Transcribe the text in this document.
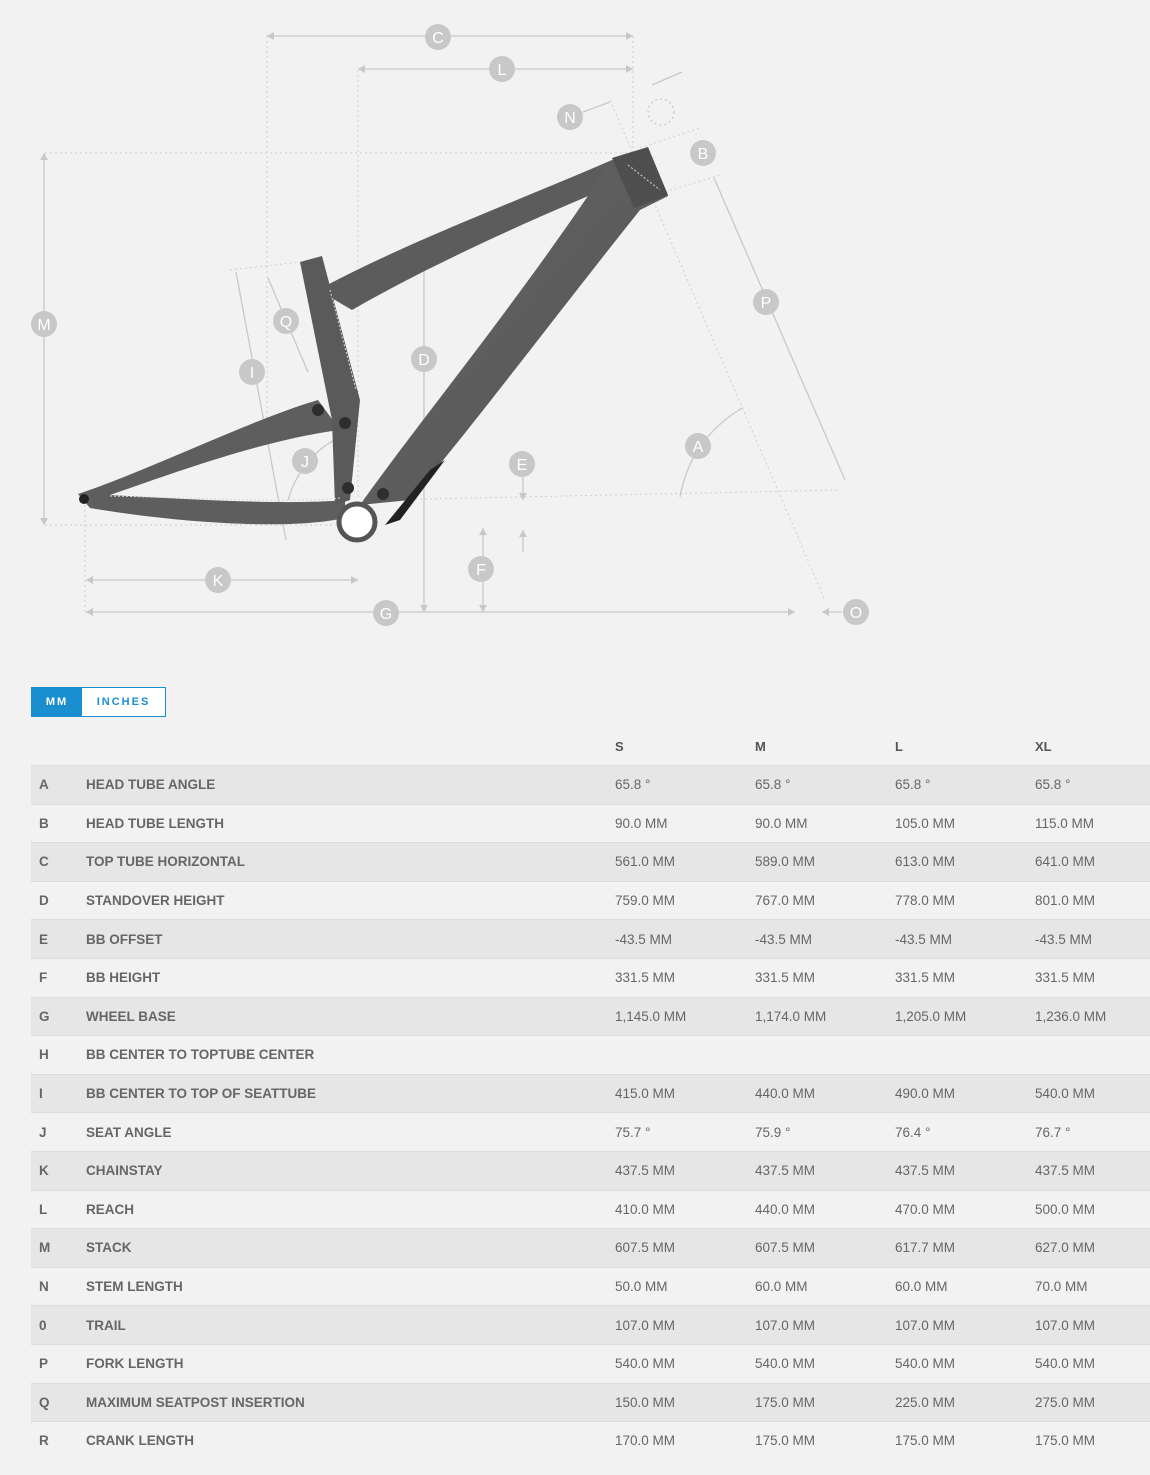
A
B
C
D
E
F
G
I
J
K
L
M
N
O
P
Q
MM	INCHES
		S	M	L	XL
A	HEAD TUBE ANGLE	65.8 °	65.8 °	65.8 °	65.8 °
B	HEAD TUBE LENGTH	90.0 MM	90.0 MM	105.0 MM	115.0 MM
C	TOP TUBE HORIZONTAL	561.0 MM	589.0 MM	613.0 MM	641.0 MM
D	STANDOVER HEIGHT	759.0 MM	767.0 MM	778.0 MM	801.0 MM
E	BB OFFSET	-43.5 MM	-43.5 MM	-43.5 MM	-43.5 MM
F	BB HEIGHT	331.5 MM	331.5 MM	331.5 MM	331.5 MM
G	WHEEL BASE	1,145.0 MM	1,174.0 MM	1,205.0 MM	1,236.0 MM
H	BB CENTER TO TOPTUBE CENTER				
I	BB CENTER TO TOP OF SEATTUBE	415.0 MM	440.0 MM	490.0 MM	540.0 MM
J	SEAT ANGLE	75.7 °	75.9 °	76.4 °	76.7 °
K	CHAINSTAY	437.5 MM	437.5 MM	437.5 MM	437.5 MM
L	REACH	410.0 MM	440.0 MM	470.0 MM	500.0 MM
M	STACK	607.5 MM	607.5 MM	617.7 MM	627.0 MM
N	STEM LENGTH	50.0 MM	60.0 MM	60.0 MM	70.0 MM
0	TRAIL	107.0 MM	107.0 MM	107.0 MM	107.0 MM
P	FORK LENGTH	540.0 MM	540.0 MM	540.0 MM	540.0 MM
Q	MAXIMUM SEATPOST INSERTION	150.0 MM	175.0 MM	225.0 MM	275.0 MM
R	CRANK LENGTH	170.0 MM	175.0 MM	175.0 MM	175.0 MM
